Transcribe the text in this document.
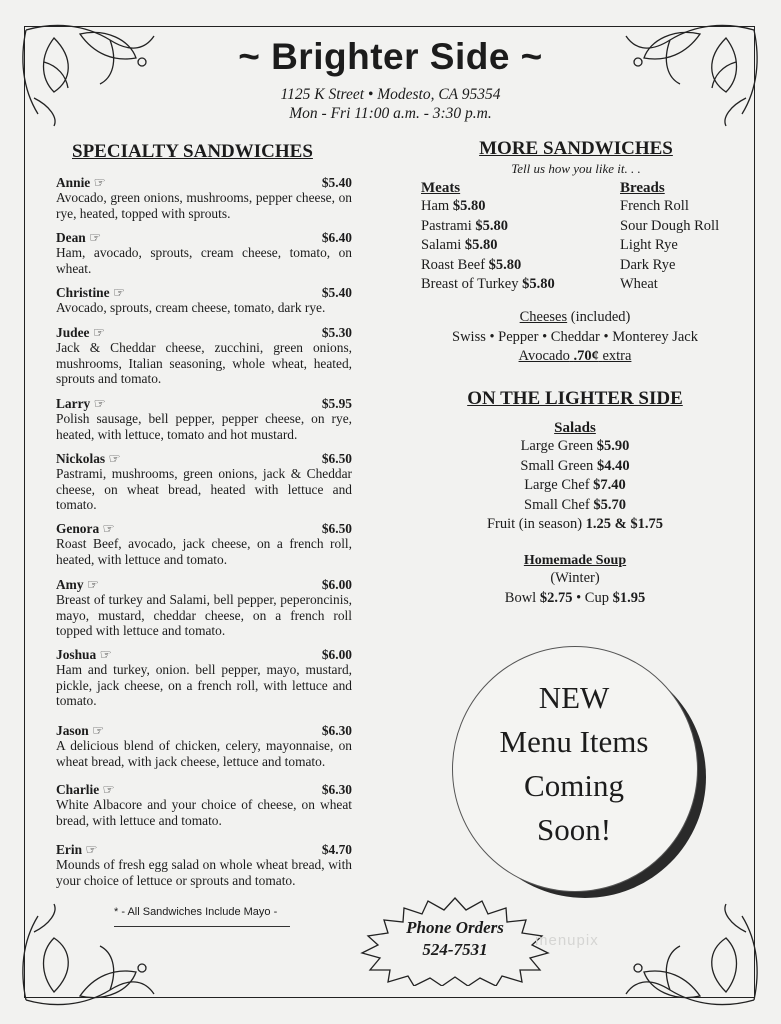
~ Brighter Side ~
1125 K Street • Modesto, CA 95354
Mon - Fri 11:00 a.m. - 3:30 p.m.
SPECIALTY SANDWICHES
Annie ☞	$5.40
Avocado, green onions, mushrooms, pepper cheese, on rye, heated, topped with sprouts.
Dean ☞	$6.40
Ham, avocado, sprouts, cream cheese, tomato, on wheat.
Christine ☞	$5.40
Avocado, sprouts, cream cheese, tomato, dark rye.
Judee ☞	$5.30
Jack & Cheddar cheese, zucchini, green onions, mushrooms, Italian seasoning, whole wheat, heated, sprouts and tomato.
Larry ☞	$5.95
Polish sausage, bell pepper, pepper cheese, on rye, heated, with lettuce, tomato and hot mustard.
Nickolas ☞	$6.50
Pastrami, mushrooms, green onions, jack & Cheddar cheese, on wheat bread, heated with lettuce and tomato.
Genora ☞	$6.50
Roast Beef, avocado, jack cheese, on a french roll, heated, with lettuce and tomato.
Amy ☞	$6.00
Breast of turkey and Salami, bell pepper, peperoncinis, mayo, mustard, cheddar cheese, on a french roll topped with lettuce and tomato.
Joshua ☞	$6.00
Ham and turkey, onion. bell pepper, mayo, mustard, pickle, jack cheese, on a french roll, with lettuce and tomato.
Jason ☞	$6.30
A delicious blend of chicken, celery, mayonnaise, on wheat bread, with jack cheese, lettuce and tomato.
Charlie ☞	$6.30
White Albacore and your choice of cheese, on wheat bread, with lettuce and tomato.
Erin ☞	$4.70
Mounds of fresh egg salad on whole wheat bread, with your choice of lettuce or sprouts and tomato.
* - All Sandwiches Include Mayo -
MORE SANDWICHES
Tell us how you like it. . .
Meats
Ham $5.80
Pastrami $5.80
Salami $5.80
Roast Beef $5.80
Breast of Turkey $5.80
Breads
French Roll
Sour Dough Roll
Light Rye
Dark Rye
Wheat
Cheeses (included)
Swiss • Pepper • Cheddar • Monterey Jack
Avocado .70¢ extra
ON THE LIGHTER SIDE
Salads
Large Green $5.90
Small Green $4.40
Large Chef $7.40
Small Chef $5.70
Fruit (in season) 1.25 & $1.75
Homemade Soup
(Winter)
Bowl $2.75 • Cup $1.95
NEW
Menu Items
Coming
Soon!
Phone Orders
524-7531	menupix
